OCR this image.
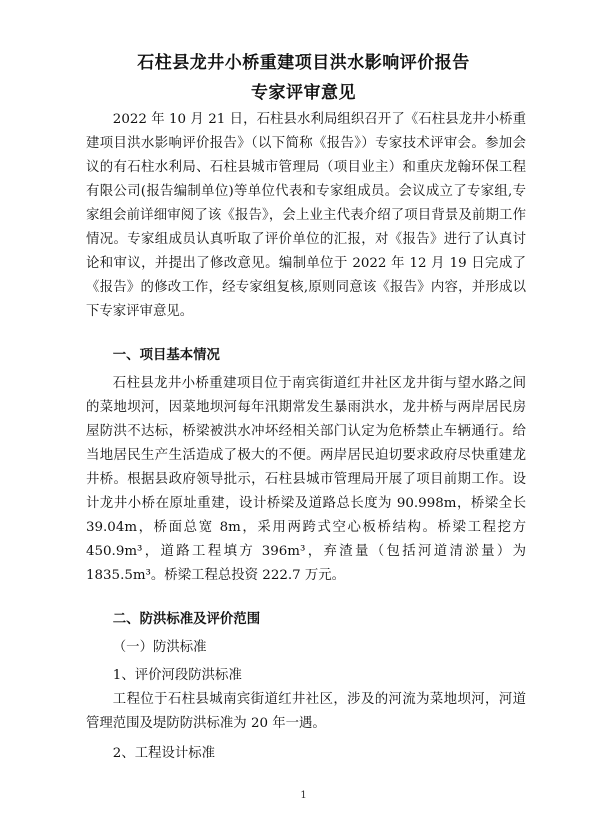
石柱县龙井小桥重建项目洪水影响评价报告
专家评审意见

2022 年 10 月 21 日，石柱县水利局组织召开了《石柱县龙井小桥重建项目洪水影响评价报告》（以下简称《报告》）专家技术评审会。参加会议的有石柱水利局、石柱县城市管理局（项目业主）和重庆龙翰环保工程有限公司(报告编制单位)等单位代表和专家组成员。会议成立了专家组,专家组会前详细审阅了该《报告》，会上业主代表介绍了项目背景及前期工作情况。专家组成员认真听取了评价单位的汇报，对《报告》进行了认真讨论和审议，并提出了修改意见。编制单位于 2022 年 12 月 19 日完成了《报告》的修改工作，经专家组复核,原则同意该《报告》内容，并形成以下专家评审意见。

一、项目基本情况

石柱县龙井小桥重建项目位于南宾街道红井社区龙井街与望水路之间的菜地坝河，因菜地坝河每年汛期常发生暴雨洪水，龙井桥与两岸居民房屋防洪不达标，桥梁被洪水冲坏经相关部门认定为危桥禁止车辆通行。给当地居民生产生活造成了极大的不便。两岸居民迫切要求政府尽快重建龙井桥。根据县政府领导批示，石柱县城市管理局开展了项目前期工作。设计龙井小桥在原址重建，设计桥梁及道路总长度为 90.998m，桥梁全长 39.04m，桥面总宽 8m，采用两跨式空心板桥结构。桥梁工程挖方 450.9m³，道路工程填方 396m³，弃渣量（包括河道清淤量）为 1835.5m³。桥梁工程总投资 222.7 万元。

二、防洪标准及评价范围

（一）防洪标准

1、评价河段防洪标准

工程位于石柱县城南宾街道红井社区，涉及的河流为菜地坝河，河道管理范围及堤防防洪标准为 20 年一遇。

2、工程设计标准

1
